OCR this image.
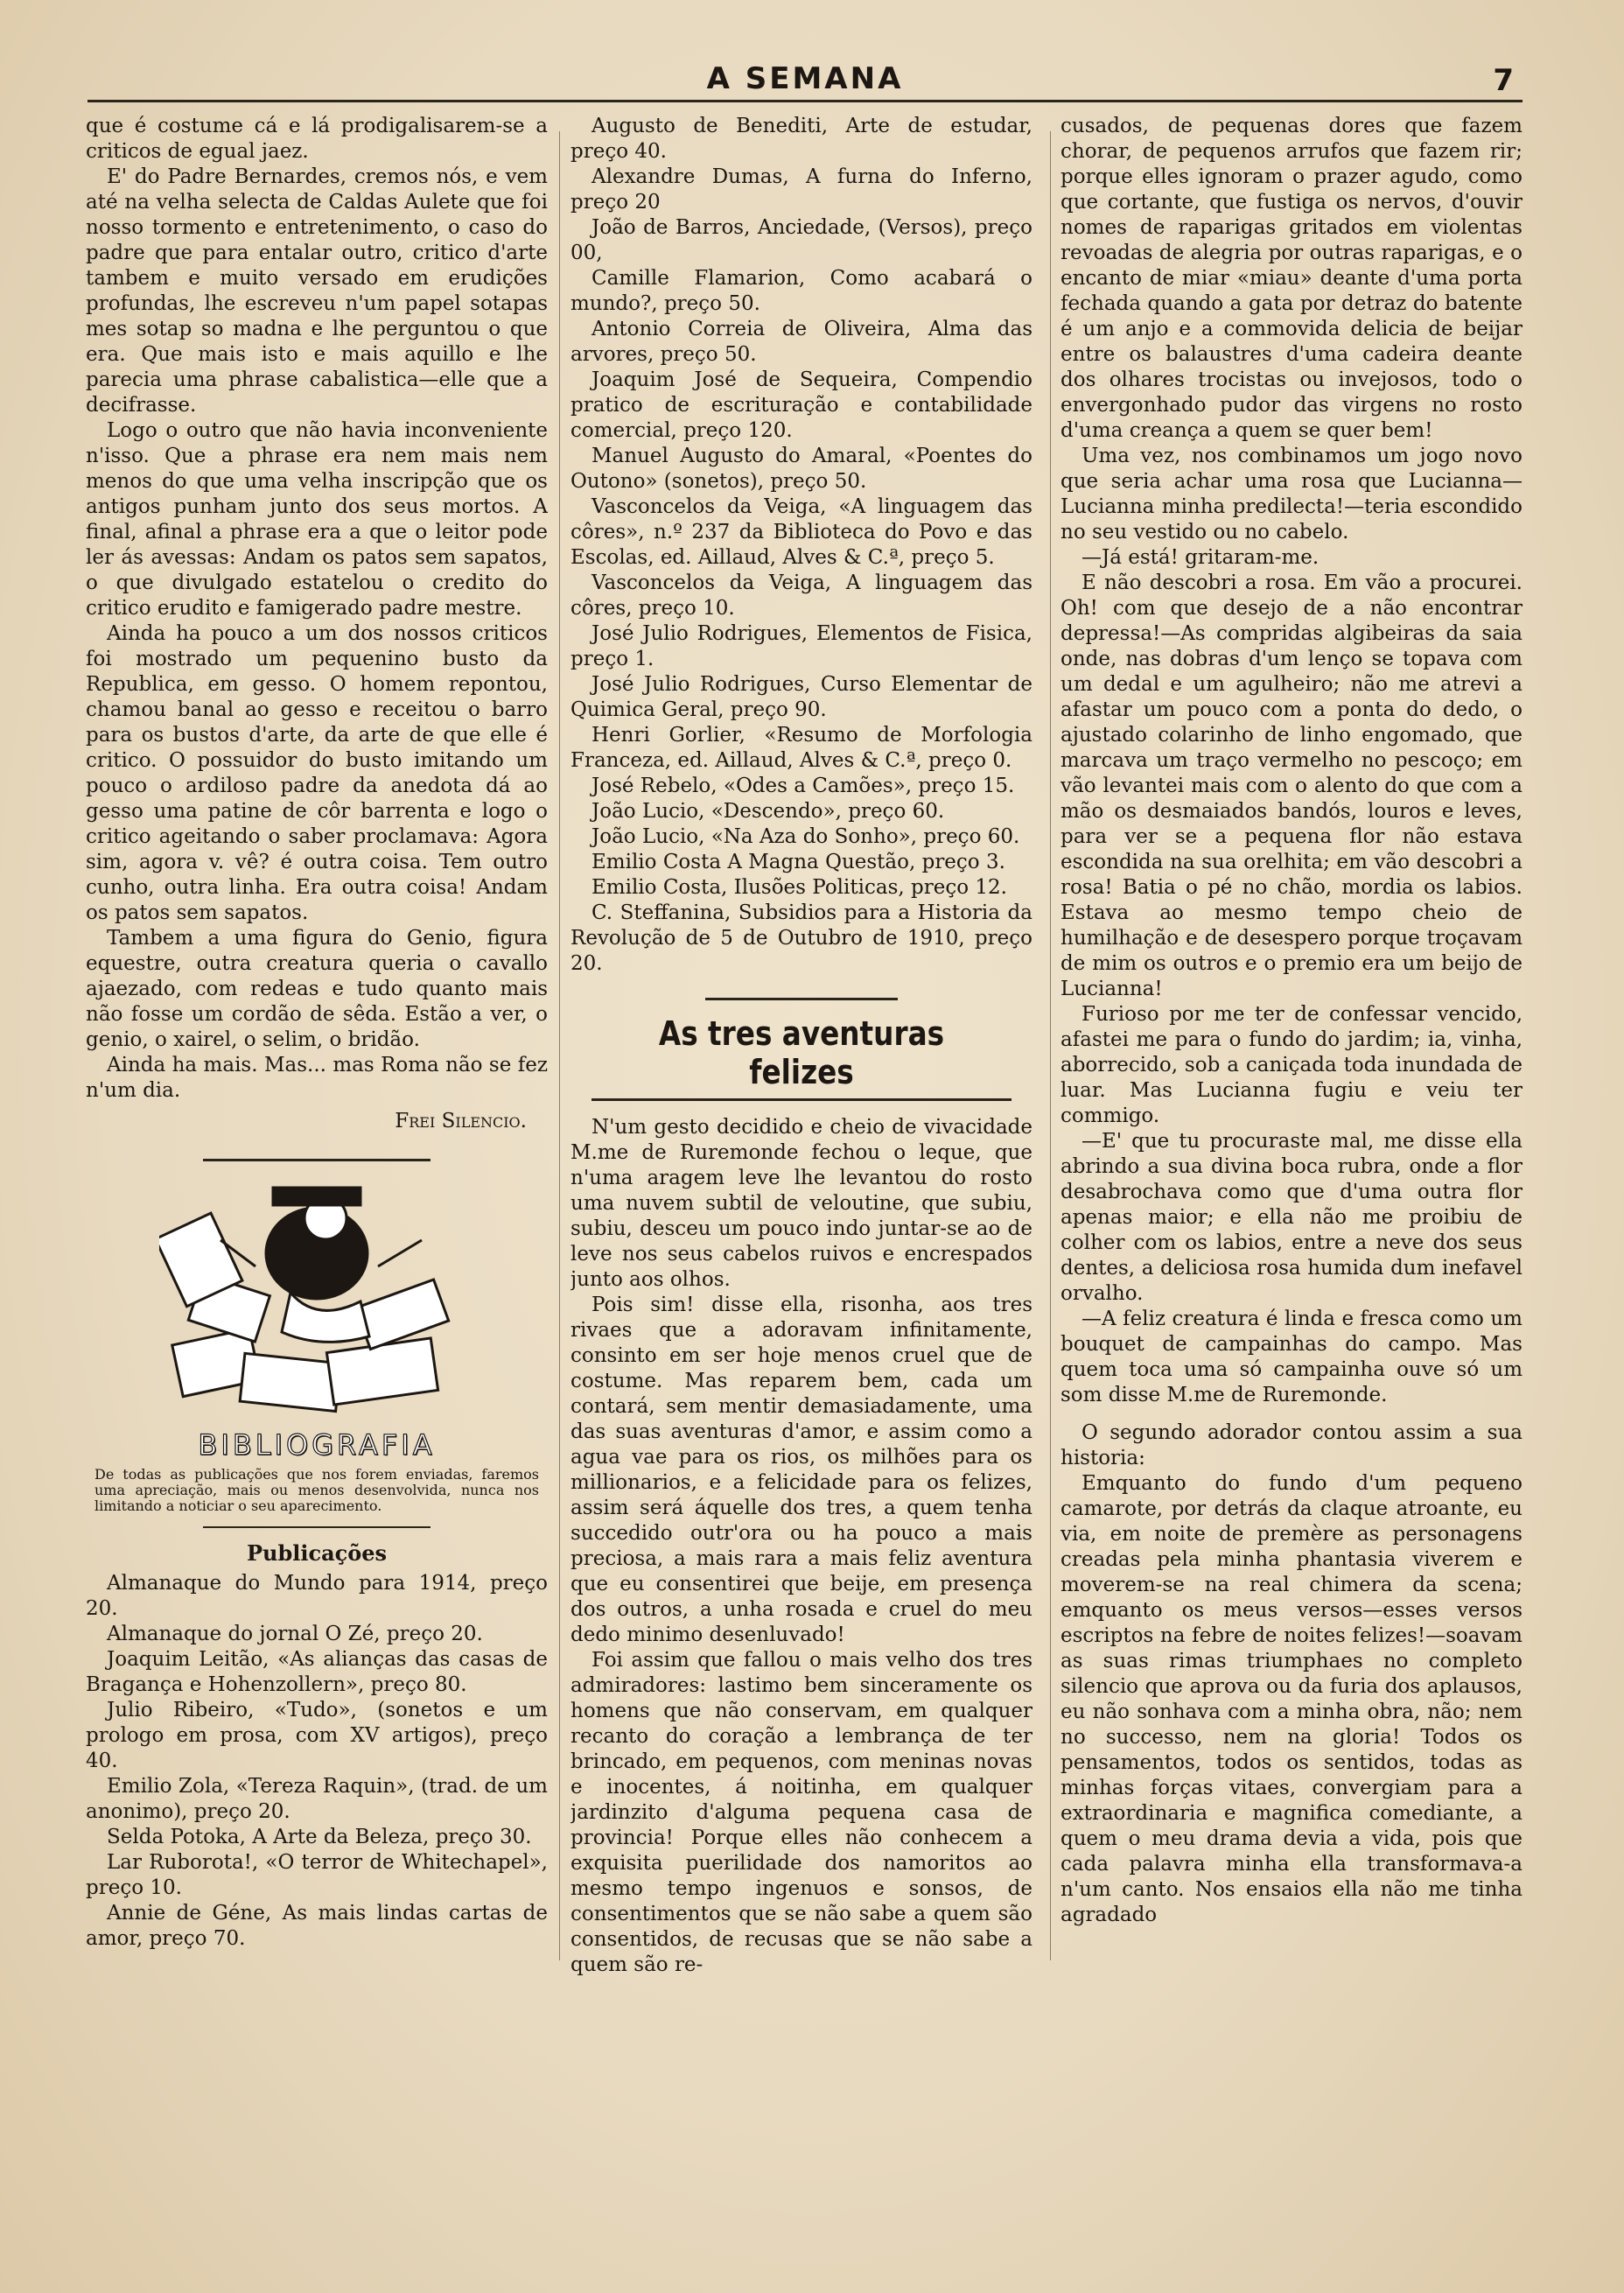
A SEMANA	7

que é costume cá e lá prodigalisarem-se a criticos de egual jaez.

E' do Padre Bernardes, cremos nós, e vem até na velha selecta de Caldas Aulete que foi nosso tormento e entretenimento, o caso do padre que para entalar outro, critico d'arte tambem e muito versado em erudições profundas, lhe escreveu n'um papel sotapas mes sotap so madna e lhe perguntou o que era. Que mais isto e mais aquillo e lhe parecia uma phrase cabalistica—elle que a decifrasse.

Logo o outro que não havia inconveniente n'isso. Que a phrase era nem mais nem menos do que uma velha inscripção que os antigos punham junto dos seus mortos. A final, afinal a phrase era a que o leitor pode ler ás avessas: Andam os patos sem sapatos, o que divulgado estatelou o credito do critico erudito e famigerado padre mestre.

Ainda ha pouco a um dos nossos criticos foi mostrado um pequenino busto da Republica, em gesso. O homem repontou, chamou banal ao gesso e receitou o barro para os bustos d'arte, da arte de que elle é critico. O possuidor do busto imitando um pouco o ardiloso padre da anedota dá ao gesso uma patine de côr barrenta e logo o critico ageitando o saber proclamava: Agora sim, agora v. vê? é outra coisa. Tem outro cunho, outra linha. Era outra coisa! Andam os patos sem sapatos.

Tambem a uma figura do Genio, figura equestre, outra creatura queria o cavallo ajaezado, com redeas e tudo quanto mais não fosse um cordão de sêda. Estão a ver, o genio, o xairel, o selim, o bridão.

Ainda ha mais. Mas... mas Roma não se fez n'um dia.

Frei Silencio.
BIBLIOGRAFIA
De todas as publicações que nos forem enviadas, faremos uma apreciação, mais ou menos desenvolvida, nunca nos limitando a noticiar o seu aparecimento.
Publicações

Almanaque do Mundo para 1914, preço 20.

Almanaque do jornal O Zé, preço 20.

Joaquim Leitão, «As alianças das casas de Bragança e Hohenzollern», preço 80.

Julio Ribeiro, «Tudo», (sonetos e um prologo em prosa, com XV artigos), preço 40.

Emilio Zola, «Tereza Raquin», (trad. de um anonimo), preço 20.

Selda Potoka, A Arte da Beleza, preço 30.

Lar Ruborota!, «O terror de Whitechapel», preço 10.

Annie de Géne, As mais lindas cartas de amor, preço 70.

Augusto de Benediti, Arte de estudar, preço 40.

Alexandre Dumas, A furna do Inferno, preço 20

João de Barros, Anciedade, (Versos), preço 00,

Camille Flamarion, Como acabará o mundo?, preço 50.

Antonio Correia de Oliveira, Alma das arvores, preço 50.

Joaquim José de Sequeira, Compendio pratico de escrituração e contabilidade comercial, preço 120.

Manuel Augusto do Amaral, «Poentes do Outono» (sonetos), preço 50.

Vasconcelos da Veiga, «A linguagem das côres», n.º 237 da Biblioteca do Povo e das Escolas, ed. Aillaud, Alves & C.ª, preço 5.

Vasconcelos da Veiga, A linguagem das côres, preço 10.

José Julio Rodrigues, Elementos de Fisica, preço 1.

José Julio Rodrigues, Curso Elementar de Quimica Geral, preço 90.

Henri Gorlier, «Resumo de Morfologia Franceza, ed. Aillaud, Alves & C.ª, preço 0.

José Rebelo, «Odes a Camões», preço 15.

João Lucio, «Descendo», preço 60.

João Lucio, «Na Aza do Sonho», preço 60.

Emilio Costa A Magna Questão, preço 3.

Emilio Costa, Ilusões Politicas, preço 12.

C. Steffanina, Subsidios para a Historia da Revolução de 5 de Outubro de 1910, preço 20.

As tres aventuras felizes

N'um gesto decidido e cheio de vivacidade M.me de Ruremonde fechou o leque, que n'uma aragem leve lhe levantou do rosto uma nuvem subtil de veloutine, que subiu, subiu, desceu um pouco indo juntar-se ao de leve nos seus cabelos ruivos e encrespados junto aos olhos.

Pois sim! disse ella, risonha, aos tres rivaes que a adoravam infinitamente, consinto em ser hoje menos cruel que de costume. Mas reparem bem, cada um contará, sem mentir demasiadamente, uma das suas aventuras d'amor, e assim como a agua vae para os rios, os milhões para os millionarios, e a felicidade para os felizes, assim será áquelle dos tres, a quem tenha succedido outr'ora ou ha pouco a mais preciosa, a mais rara a mais feliz aventura que eu consentirei que beije, em presença dos outros, a unha rosada e cruel do meu dedo minimo desenluvado!

Foi assim que fallou o mais velho dos tres admiradores: lastimo bem sinceramente os homens que não conservam, em qualquer recanto do coração a lembrança de ter brincado, em pequenos, com meninas novas e inocentes, á noitinha, em qualquer jardinzito d'alguma pequena casa de provincia! Porque elles não conhecem a exquisita puerilidade dos namoritos ao mesmo tempo ingenuos e sonsos, de consentimentos que se não sabe a quem são consentidos, de recusas que se não sabe a quem são re-

cusados, de pequenas dores que fazem chorar, de pequenos arrufos que fazem rir; porque elles ignoram o prazer agudo, como que cortante, que fustiga os nervos, d'ouvir nomes de raparigas gritados em violentas revoadas de alegria por outras raparigas, e o encanto de miar «miau» deante d'uma porta fechada quando a gata por detraz do batente é um anjo e a commovida delicia de beijar entre os balaustres d'uma cadeira deante dos olhares trocistas ou invejosos, todo o envergonhado pudor das virgens no rosto d'uma creança a quem se quer bem!

Uma vez, nos combinamos um jogo novo que seria achar uma rosa que Lucianna—Lucianna minha predilecta!—teria escondido no seu vestido ou no cabelo.

—Já está! gritaram-me.

E não descobri a rosa. Em vão a procurei. Oh! com que desejo de a não encontrar depressa!—As compridas algibeiras da saia onde, nas dobras d'um lenço se topava com um dedal e um agulheiro; não me atrevi a afastar um pouco com a ponta do dedo, o ajustado colarinho de linho engomado, que marcava um traço vermelho no pescoço; em vão levantei mais com o alento do que com a mão os desmaiados bandós, louros e leves, para ver se a pequena flor não estava escondida na sua orelhita; em vão descobri a rosa! Batia o pé no chão, mordia os labios. Estava ao mesmo tempo cheio de humilhação e de desespero porque troçavam de mim os outros e o premio era um beijo de Lucianna!

Furioso por me ter de confessar vencido, afastei me para o fundo do jardim; ia, vinha, aborrecido, sob a caniçada toda inundada de luar. Mas Lucianna fugiu e veiu ter commigo.

—E' que tu procuraste mal, me disse ella abrindo a sua divina boca rubra, onde a flor desabrochava como que d'uma outra flor apenas maior; e ella não me proibiu de colher com os labios, entre a neve dos seus dentes, a deliciosa rosa humida dum inefavel orvalho.

—A feliz creatura é linda e fresca como um bouquet de campainhas do campo. Mas quem toca uma só campainha ouve só um som disse M.me de Ruremonde.

O segundo adorador contou assim a sua historia:

Emquanto do fundo d'um pequeno camarote, por detrás da claque atroante, eu via, em noite de premère as personagens creadas pela minha phantasia viverem e moverem-se na real chimera da scena; emquanto os meus versos—esses versos escriptos na febre de noites felizes!—soavam as suas rimas triumphaes no completo silencio que aprova ou da furia dos aplausos, eu não sonhava com a minha obra, não; nem no successo, nem na gloria! Todos os pensamentos, todos os sentidos, todas as minhas forças vitaes, convergiam para a extraordinaria e magnifica comediante, a quem o meu drama devia a vida, pois que cada palavra minha ella transformava-a n'um canto. Nos ensaios ella não me tinha agradado
